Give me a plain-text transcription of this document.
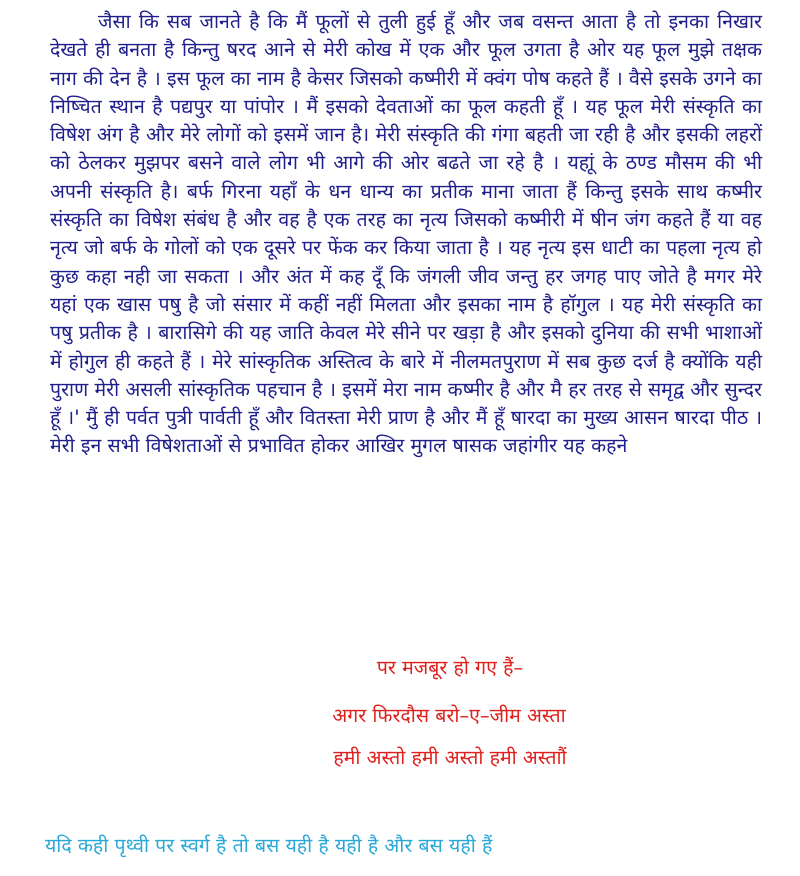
जैसा कि सब जानते है कि मैं फूलों से तुली हुई हूँ और जब वसन्त आता है तो इनका निखार देखते ही बनता है किन्तु षरद आने से मेरी कोख में एक और फूल उगता है ओर यह फूल मुझे तक्षक नाग की देन है । इस फूल का नाम है केसर जिसको कष्मीरी में क्वंग पोष कहते हैं । वैसे इसके उगने का निष्चित स्थान है पद्यपुर या पांपोर । मैं इसको देवताओं का फूल कहती हूँ । यह फूल मेरी संस्कृति का विषेश अंग है और मेरे लोगों को इसमें जान है। मेरी संस्कृति की गंगा बहती जा रही है और इसकी लहरों को ठेलकर मुझपर बसने वाले लोग भी आगे की ओर बढते जा रहे है । यहाूं के ठण्ड मौसम की भी अपनी संस्कृति है। बर्फ गिरना यहाँ के धन धान्य का प्रतीक माना जाता हैं किन्तु इसके साथ कष्मीर संस्कृति का विषेश संबंध है और वह है एक तरह का नृत्य जिसको कष्मीरी में षीन जंग कहते हैं या वह नृत्य जो बर्फ के गोलों को एक दूसरे पर फेंक कर किया जाता है । यह नृत्य इस धाटी का पहला नृत्य हो कुछ कहा नही जा सकता । और अंत में कह दूँ कि जंगली जीव जन्तु हर जगह पाए जोते है मगर मेरे यहां एक खास पषु है जो संसार में कहीं नहीं मिलता और इसका नाम है हॉगुल । यह मेरी संस्कृति का पषु प्रतीक है । बारासिगे की यह जाति केवल मेरे सीने पर खड़ा है और इसको दुनिया की सभी भाशाओं में होगुल ही कहते हैं । मेरे सांस्कृतिक अस्तित्व के बारे में नीलमतपुराण में सब कुछ दर्ज है क्योंकि यही पुराण मेरी असली सांस्कृतिक पहचान है । इसमें मेरा नाम कष्मीर है और मै हर तरह से समृद्व और सुन्दर हूँ ।' मुैं ही पर्वत पुत्री पार्वती हूँ और वितस्ता मेरी प्राण है और मैं हूँ षारदा का मुख्य आसन षारदा पीठ । मेरी इन सभी विषेशताओं से प्रभावित होकर आखिर मुगल षासक जहांगीर यह कहने

पर मजबूर हो गए हैं–

अगर फिरदौस बरो–ए–जीम अस्ता

हमी अस्तो हमी अस्तो हमी अस्ताौं

यदि कही पृथ्वी पर स्वर्ग है तो बस यही है यही है और बस यही हैं
